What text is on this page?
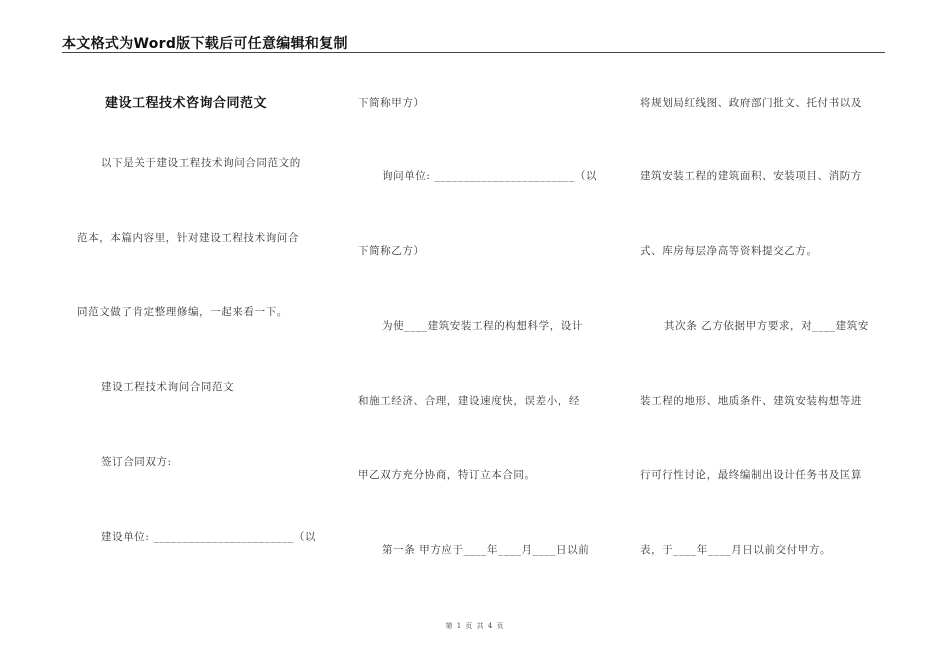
本文格式为Word版下载后可任意编辑和复制
建设工程技术咨询合同范文
以下是关于建设工程技术询问合同范文的
范本，本篇内容里，针对建设工程技术询问合
同范文做了肯定整理修编，一起来看一下。
建设工程技术询问合同范文
签订合同双方:
建设单位: ________________________（以
下简称甲方）
询问单位: ________________________（以
下简称乙方）
为使____建筑安装工程的构想科学，设计
和施工经济、合理，建设速度快，误差小，经
甲乙双方充分协商，特订立本合同。
第一条 甲方应于____年____月____日以前
将规划局红线图、政府部门批文、托付书以及
建筑安装工程的建筑面积、安装项目、消防方
式、库房每层净高等资料提交乙方。
其次条 乙方依据甲方要求，对____建筑安
装工程的地形、地质条件、建筑安装构想等进
行可行性讨论，最终编制出设计任务书及匡算
表，于____年____月日以前交付甲方。
第 1 页 共 4 页
